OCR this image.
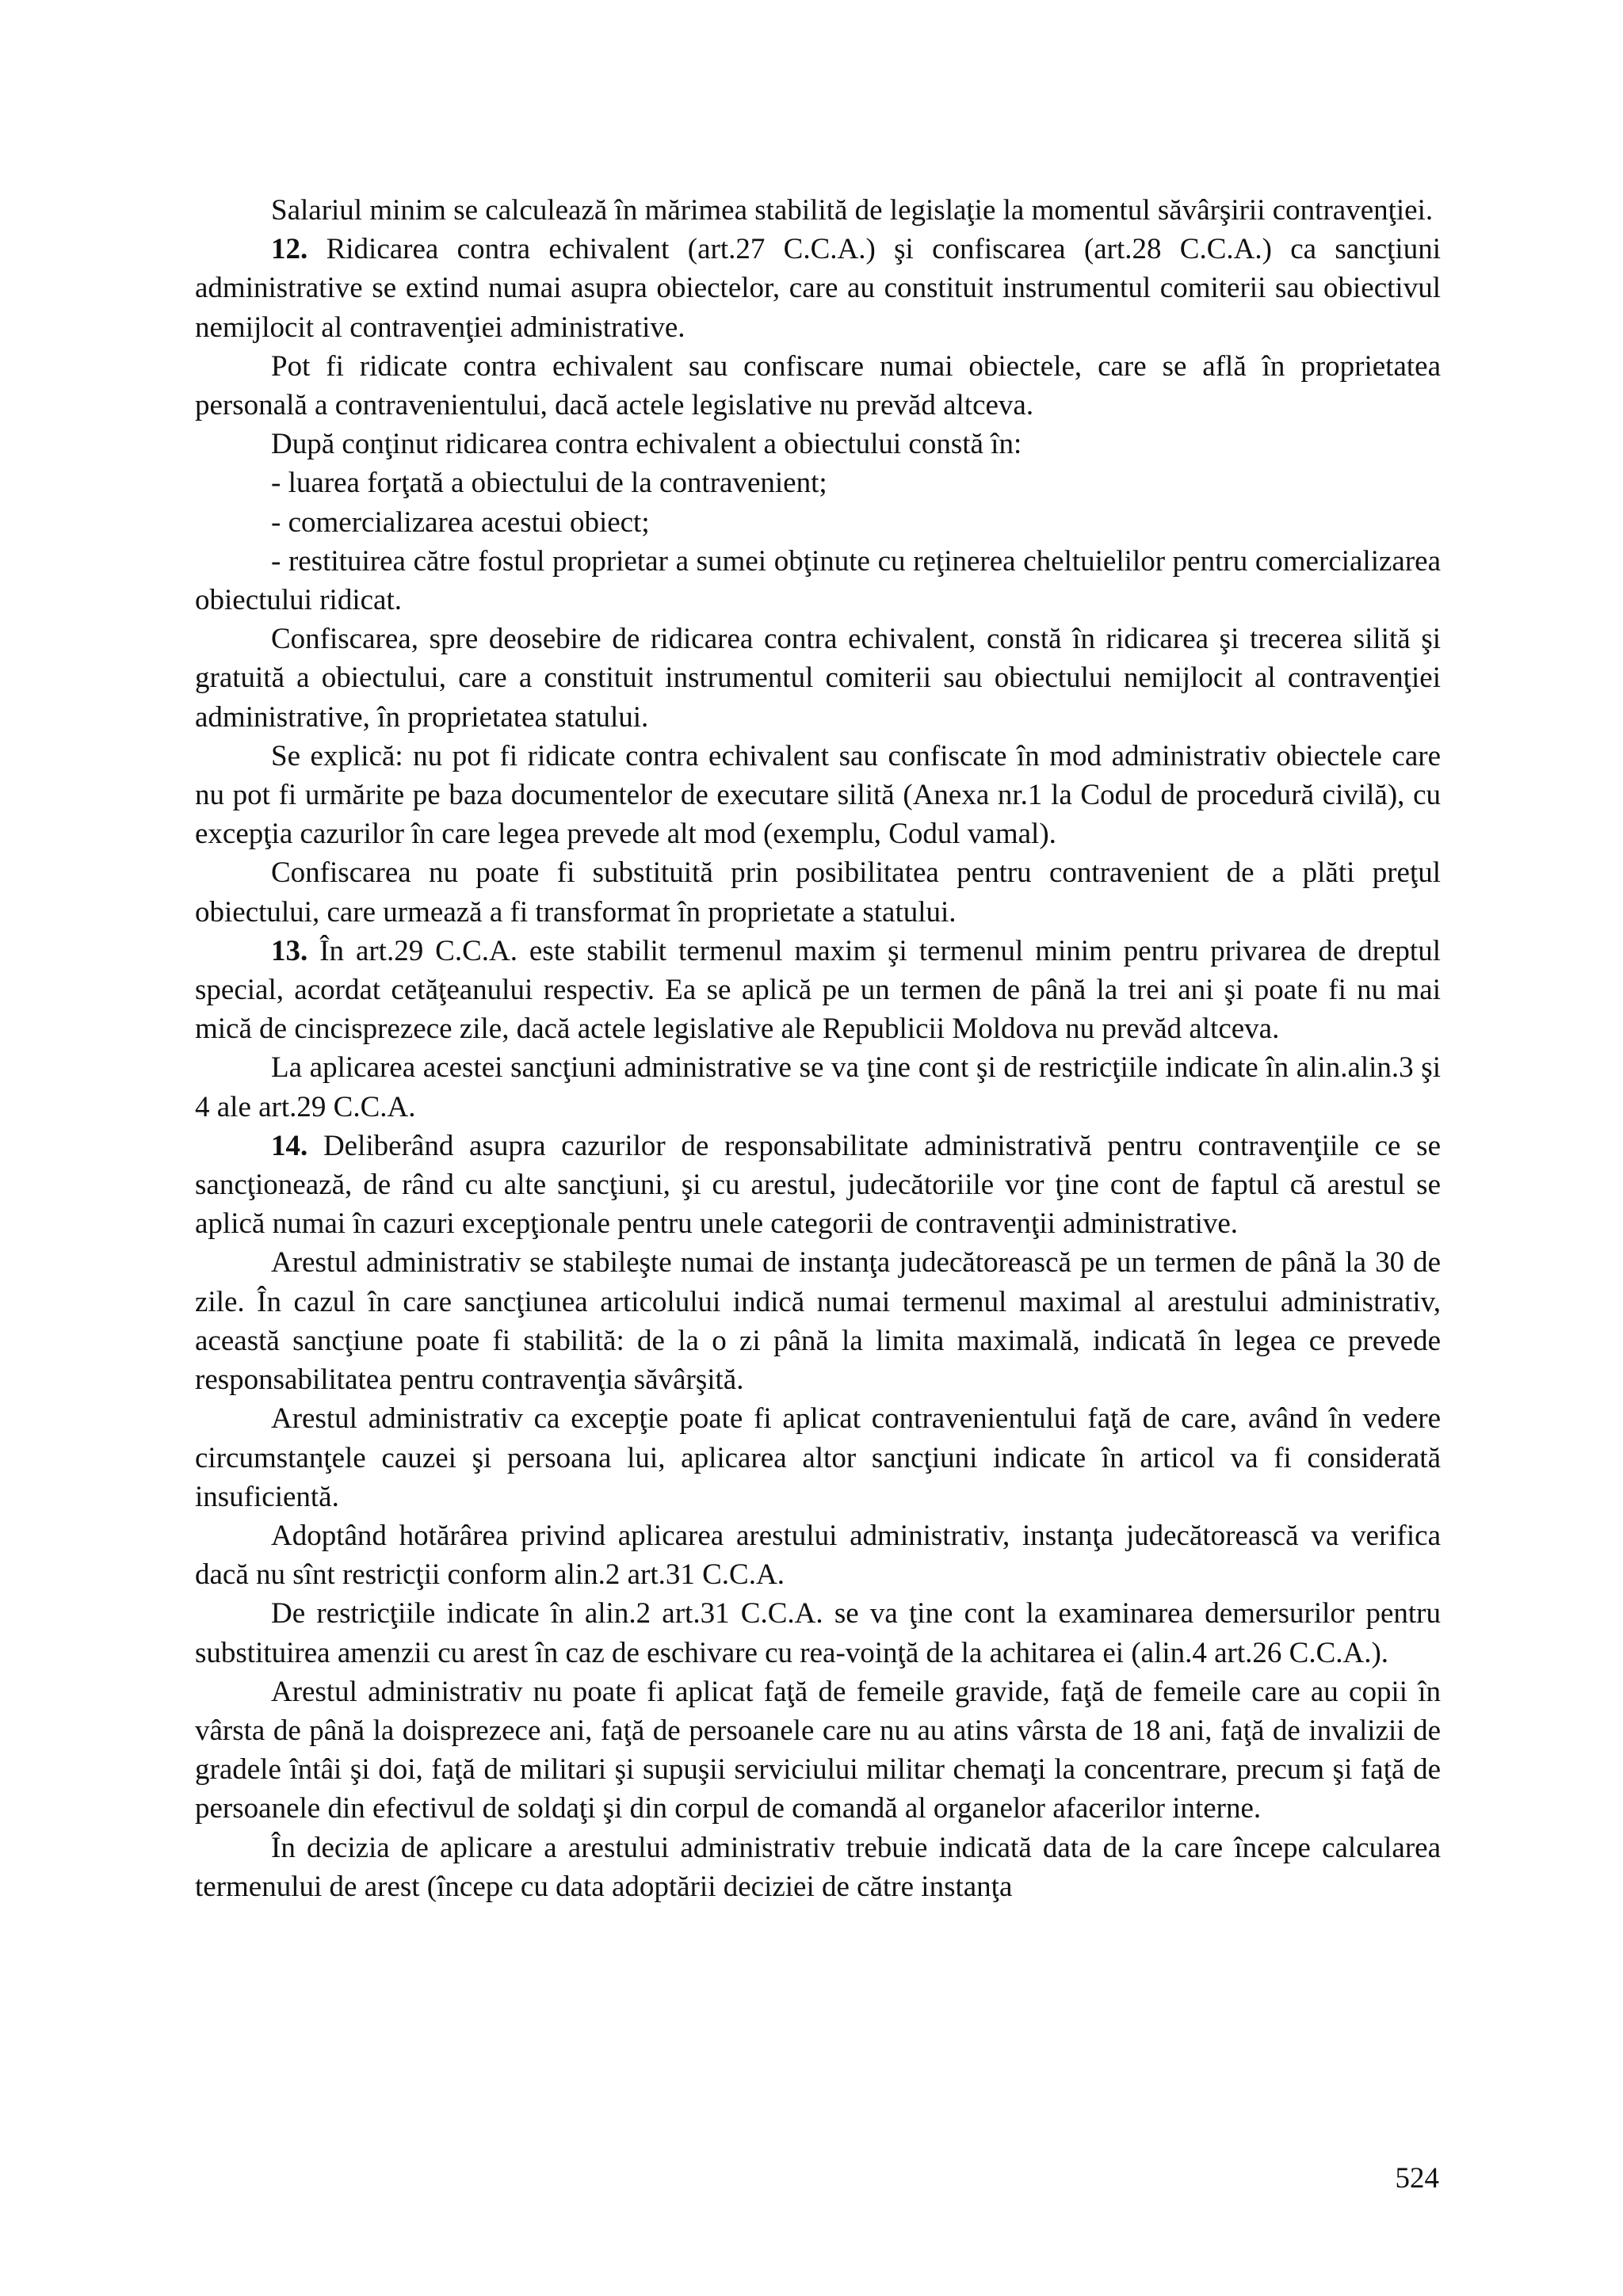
Salariul minim se calculează în mărimea stabilită de legislaţie la momentul săvârşirii contravenţiei.

12. Ridicarea contra echivalent (art.27 C.C.A.) şi confiscarea (art.28 C.C.A.) ca sancţiuni administrative se extind numai asupra obiectelor, care au constituit instrumentul comiterii sau obiectivul nemijlocit al contravenţiei administrative.

Pot fi ridicate contra echivalent sau confiscare numai obiectele, care se află în proprietatea personală a contravenientului, dacă actele legislative nu prevăd altceva.

După conţinut ridicarea contra echivalent a obiectului constă în:

- luarea forţată a obiectului de la contravenient;

- comercializarea acestui obiect;

- restituirea către fostul proprietar a sumei obţinute cu reţinerea cheltuielilor pentru comercializarea obiectului ridicat.

Confiscarea, spre deosebire de ridicarea contra echivalent, constă în ridicarea şi trecerea silită şi gratuită a obiectului, care a constituit instrumentul comiterii sau obiectului nemijlocit al contravenţiei administrative, în proprietatea statului.

Se explică: nu pot fi ridicate contra echivalent sau confiscate în mod administrativ obiectele care nu pot fi urmărite pe baza documentelor de executare silită (Anexa nr.1 la Codul de procedură civilă), cu excepţia cazurilor în care legea prevede alt mod (exemplu, Codul vamal).

Confiscarea nu poate fi substituită prin posibilitatea pentru contravenient de a plăti preţul obiectului, care urmează a fi transformat în proprietate a statului.

13. În art.29 C.C.A. este stabilit termenul maxim şi termenul minim pentru privarea de dreptul special, acordat cetăţeanului respectiv. Ea se aplică pe un termen de până la trei ani şi poate fi nu mai mică de cincisprezece zile, dacă actele legislative ale Republicii Moldova nu prevăd altceva.

La aplicarea acestei sancţiuni administrative se va ţine cont şi de restricţiile indicate în alin.alin.3 şi 4 ale art.29 C.C.A.

14. Deliberând asupra cazurilor de responsabilitate administrativă pentru contravenţiile ce se sancţionează, de rând cu alte sancţiuni, şi cu arestul, judecătoriile vor ţine cont de faptul că arestul se aplică numai în cazuri excepţionale pentru unele categorii de contravenţii administrative.

Arestul administrativ se stabileşte numai de instanţa judecătorească pe un termen de până la 30 de zile. În cazul în care sancţiunea articolului indică numai termenul maximal al arestului administrativ, această sancţiune poate fi stabilită: de la o zi până la limita maximală, indicată în legea ce prevede responsabilitatea pentru contravenţia săvârşită.

Arestul administrativ ca excepţie poate fi aplicat contravenientului faţă de care, având în vedere circumstanţele cauzei şi persoana lui, aplicarea altor sancţiuni indicate în articol va fi considerată insuficientă.

Adoptând hotărârea privind aplicarea arestului administrativ, instanţa judecătorească va verifica dacă nu sînt restricţii conform alin.2 art.31 C.C.A.

De restricţiile indicate în alin.2 art.31 C.C.A. se va ţine cont la examinarea demersurilor pentru substituirea amenzii cu arest în caz de eschivare cu rea-voinţă de la achitarea ei (alin.4 art.26 C.C.A.).

Arestul administrativ nu poate fi aplicat faţă de femeile gravide, faţă de femeile care au copii în vârsta de până la doisprezece ani, faţă de persoanele care nu au atins vârsta de 18 ani, faţă de invalizii de gradele întâi şi doi, faţă de militari şi supuşii serviciului militar chemaţi la concentrare, precum şi faţă de persoanele din efectivul de soldaţi şi din corpul de comandă al organelor afacerilor interne.

În decizia de aplicare a arestului administrativ trebuie indicată data de la care începe calcularea termenului de arest (începe cu data adoptării deciziei de către instanţa

524
